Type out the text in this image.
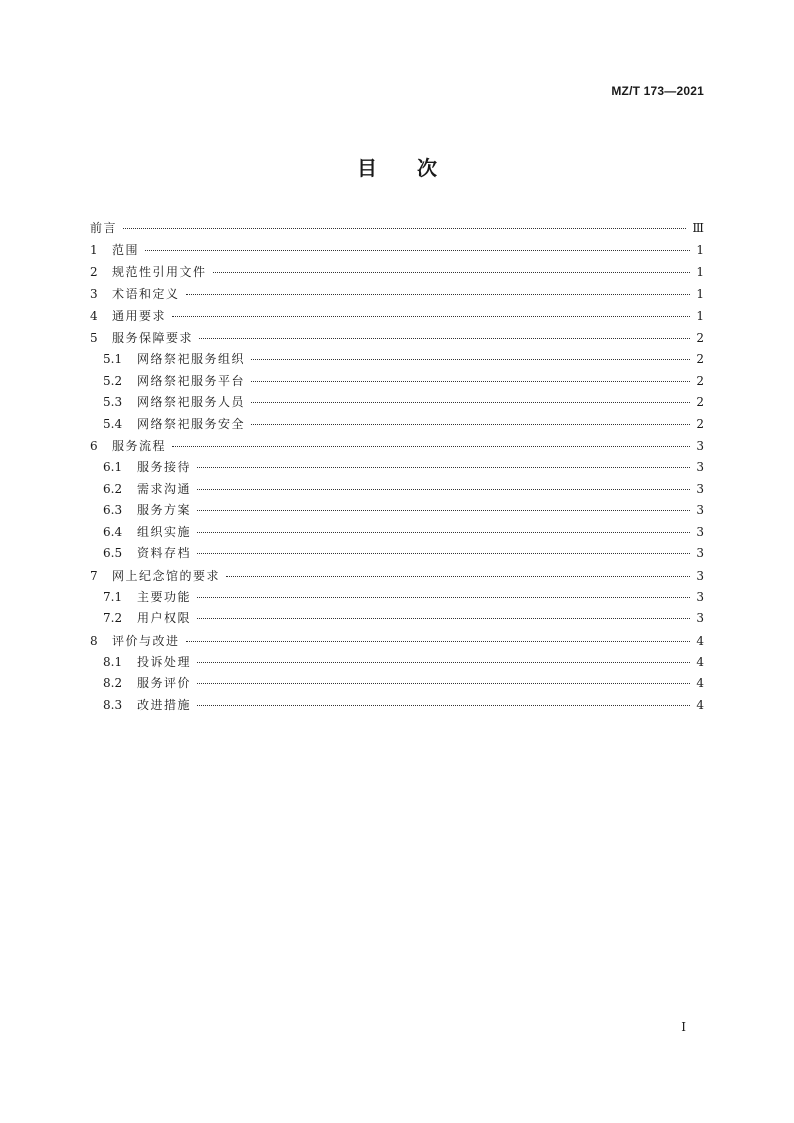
MZ/T 173—2021
目次
前言	Ⅲ
1	范围	1
2	规范性引用文件	1
3	术语和定义	1
4	通用要求	1
5	服务保障要求	2
5.1	网络祭祀服务组织	2
5.2	网络祭祀服务平台	2
5.3	网络祭祀服务人员	2
5.4	网络祭祀服务安全	2
6	服务流程	3
6.1	服务接待	3
6.2	需求沟通	3
6.3	服务方案	3
6.4	组织实施	3
6.5	资料存档	3
7	网上纪念馆的要求	3
7.1	主要功能	3
7.2	用户权限	3
8	评价与改进	4
8.1	投诉处理	4
8.2	服务评价	4
8.3	改进措施	4
I
